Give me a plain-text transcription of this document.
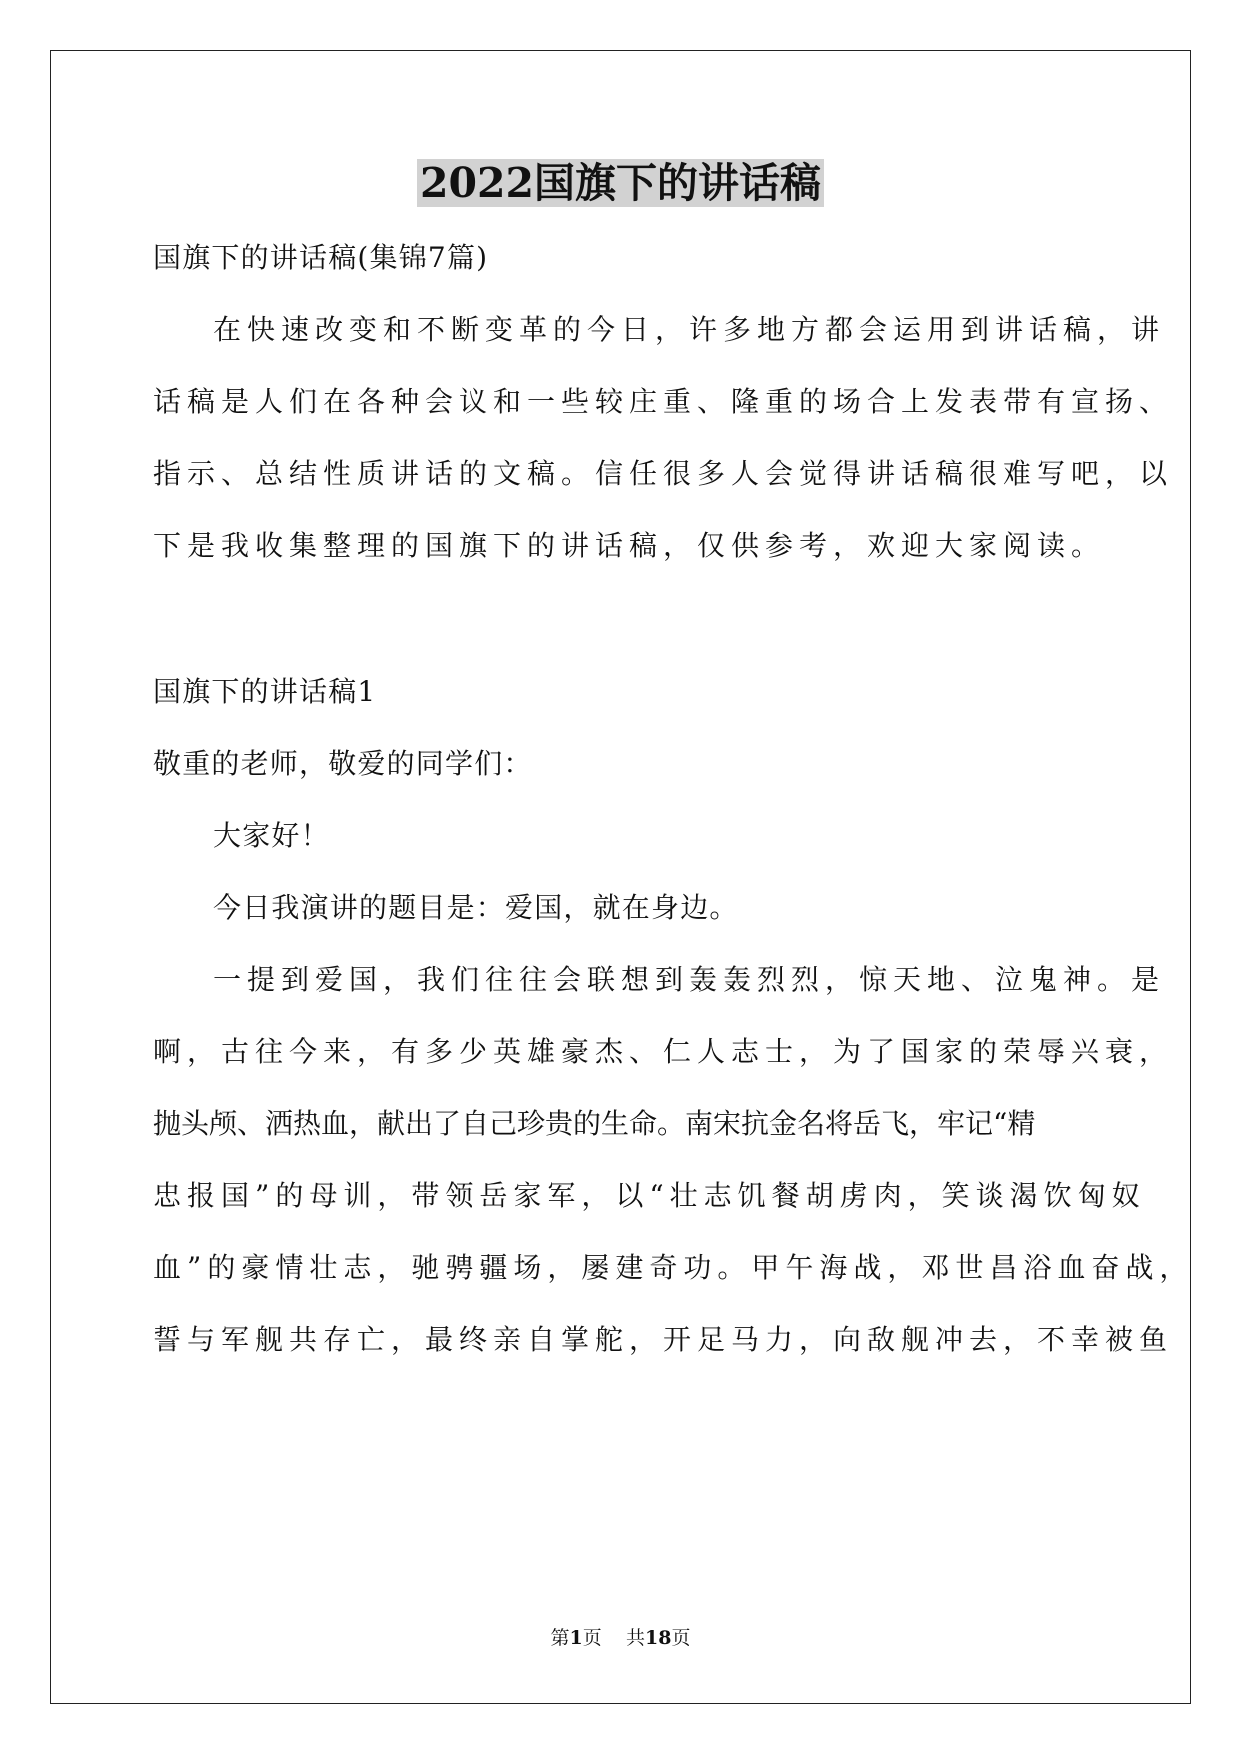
2022国旗下的讲话稿
国旗下的讲话稿(集锦7篇)
在快速改变和不断变革的今日，许多地方都会运用到讲话稿，讲
话稿是人们在各种会议和一些较庄重、隆重的场合上发表带有宣扬、
指示、总结性质讲话的文稿。信任很多人会觉得讲话稿很难写吧，以
下是我收集整理的国旗下的讲话稿，仅供参考，欢迎大家阅读。
国旗下的讲话稿1
敬重的老师，敬爱的同学们：
大家好！
今日我演讲的题目是：爱国，就在身边。
一提到爱国，我们往往会联想到轰轰烈烈，惊天地、泣鬼神。是
啊，古往今来，有多少英雄豪杰、仁人志士，为了国家的荣辱兴衰，
抛头颅、洒热血，献出了自己珍贵的生命。南宋抗金名将岳飞，牢记“精
忠报国”的母训，带领岳家军，以“壮志饥餐胡虏肉，笑谈渴饮匈奴
血”的豪情壮志，驰骋疆场，屡建奇功。甲午海战，邓世昌浴血奋战，
誓与军舰共存亡，最终亲自掌舵，开足马力，向敌舰冲去，不幸被鱼
第1页 共18页
